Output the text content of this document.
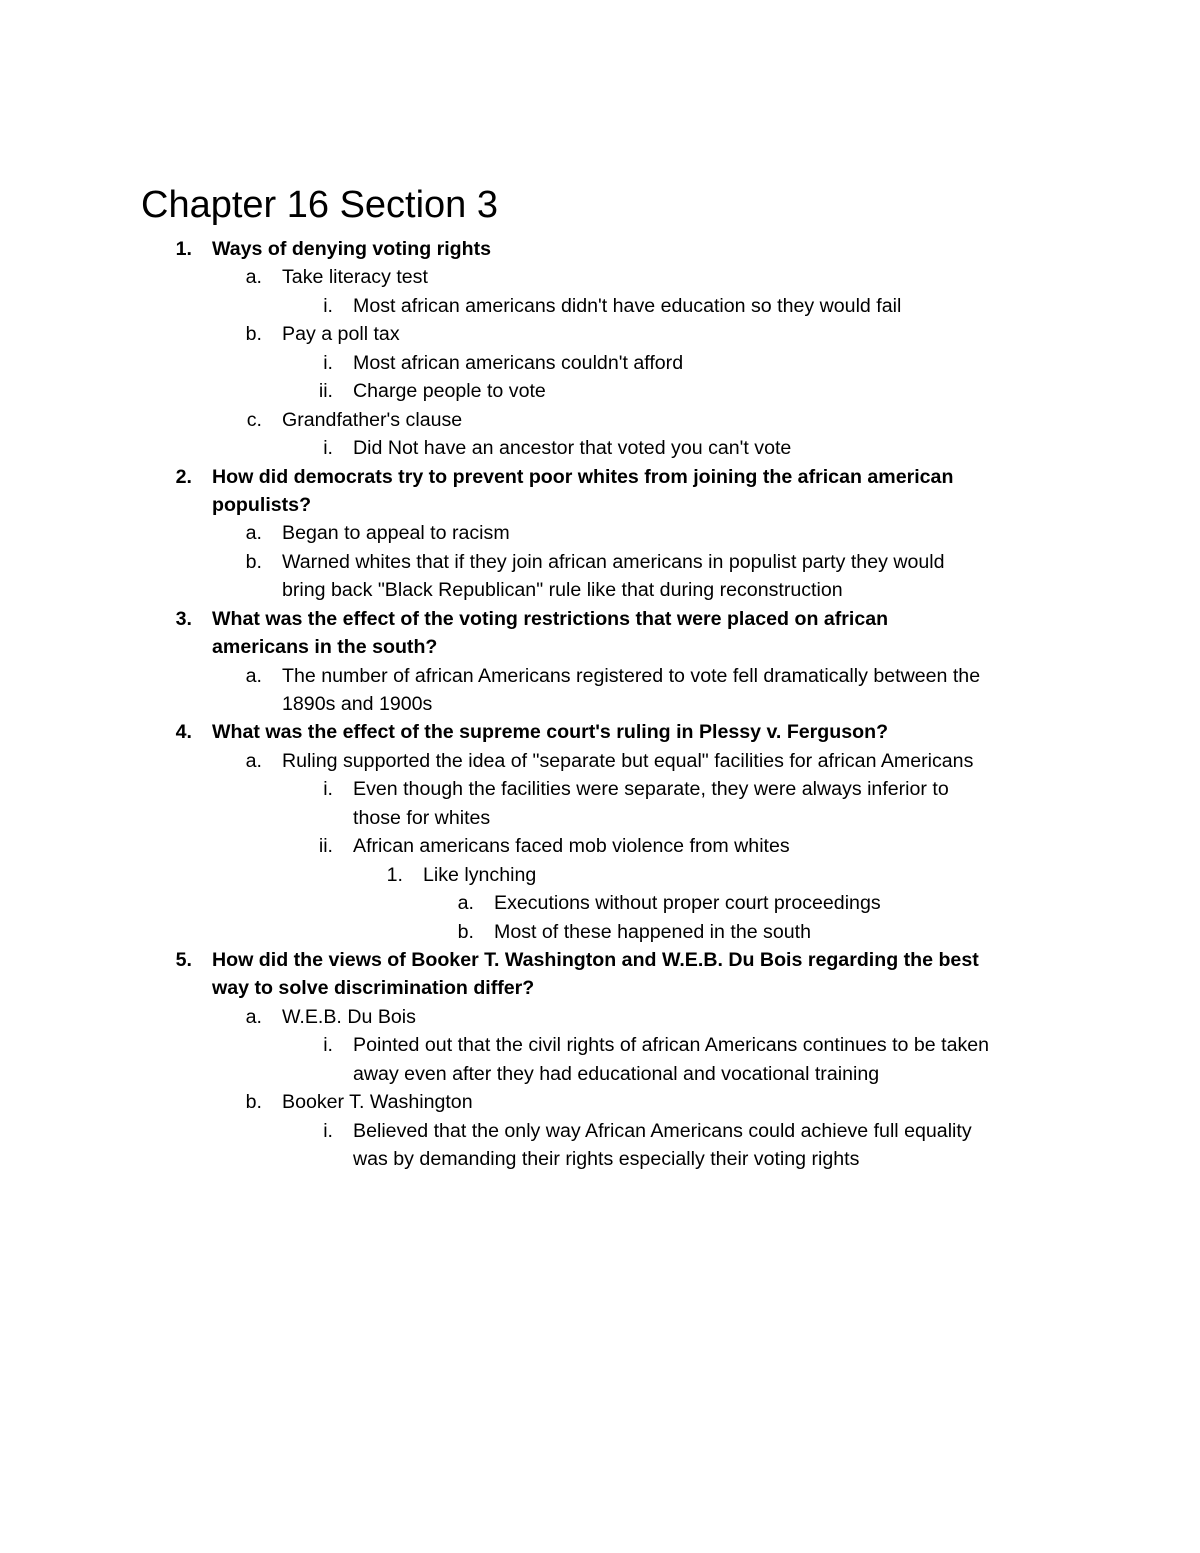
Chapter 16 Section 3
1. Ways of denying voting rights
a. Take literacy test
i. Most african americans didn't have education so they would fail
b. Pay a poll tax
i. Most african americans couldn't afford
ii. Charge people to vote
c. Grandfather's clause
i. Did Not have an ancestor that voted you can't vote
2. How did democrats try to prevent poor whites from joining the african american
populists?
a. Began to appeal to racism
b. Warned whites that if they join african americans in populist party they would
bring back "Black Republican" rule like that during reconstruction
3. What was the effect of the voting restrictions that were placed on african
americans in the south?
a. The number of african Americans registered to vote fell dramatically between the
1890s and 1900s
4. What was the effect of the supreme court's ruling in Plessy v. Ferguson?
a. Ruling supported the idea of "separate but equal" facilities for african Americans
i. Even though the facilities were separate, they were always inferior to
those for whites
ii. African americans faced mob violence from whites
1. Like lynching
a. Executions without proper court proceedings
b. Most of these happened in the south
5. How did the views of Booker T. Washington and W.E.B. Du Bois regarding the best
way to solve discrimination differ?
a. W.E.B. Du Bois
i. Pointed out that the civil rights of african Americans continues to be taken
away even after they had educational and vocational training
b. Booker T. Washington
i. Believed that the only way African Americans could achieve full equality
was by demanding their rights especially their voting rights
